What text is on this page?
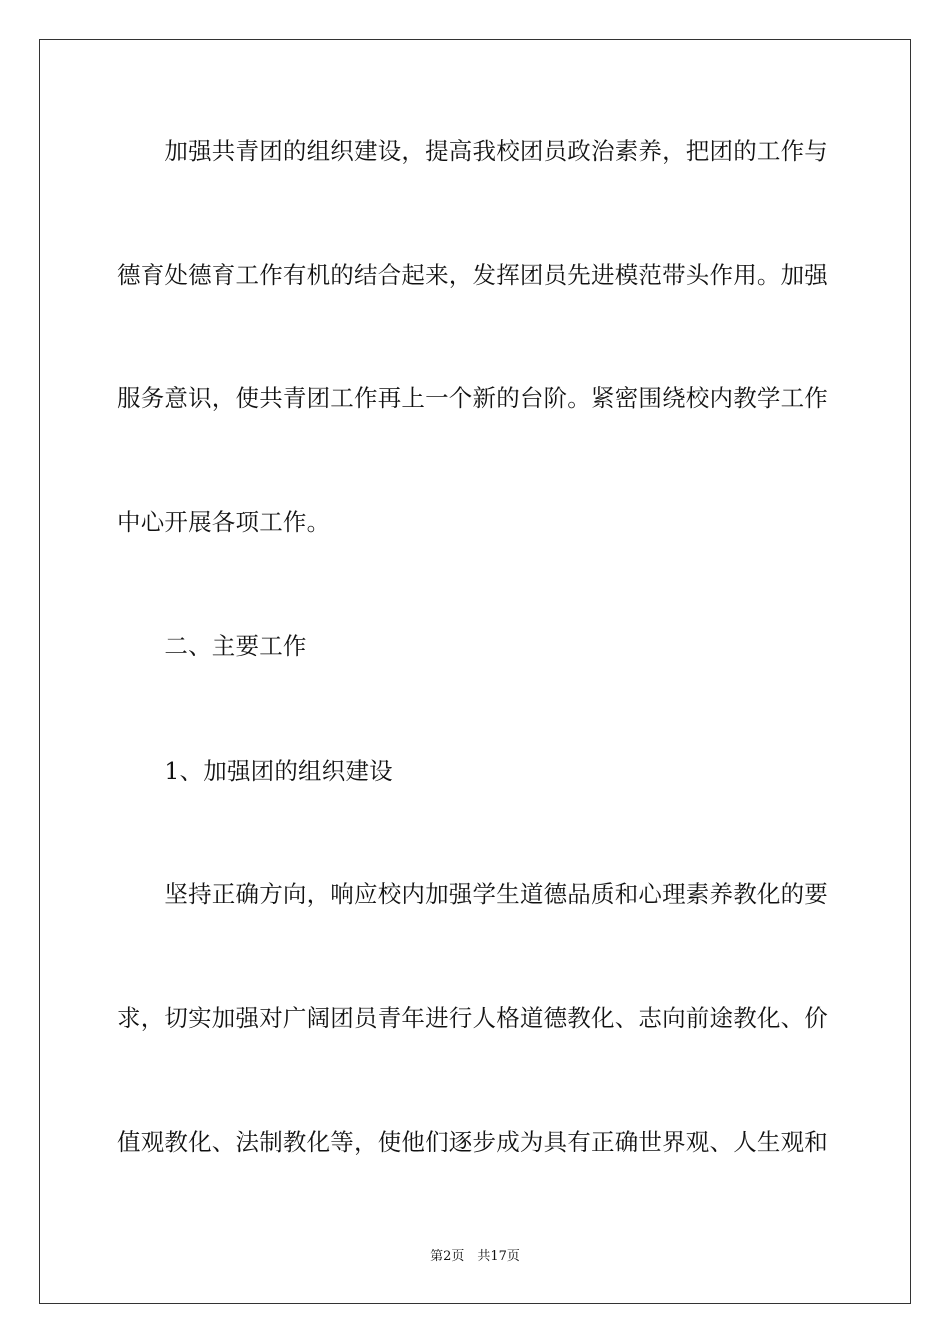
　　加强共青团的组织建设，提高我校团员政治素养，把团的工作与
德育处德育工作有机的结合起来，发挥团员先进模范带头作用。加强
服务意识，使共青团工作再上一个新的台阶。紧密围绕校内教学工作
中心开展各项工作。
　　二、主要工作
　　1、加强团的组织建设
　　坚持正确方向，响应校内加强学生道德品质和心理素养教化的要
求，切实加强对广阔团员青年进行人格道德教化、志向前途教化、价
值观教化、法制教化等，使他们逐步成为具有正确世界观、人生观和
第2页　共17页
